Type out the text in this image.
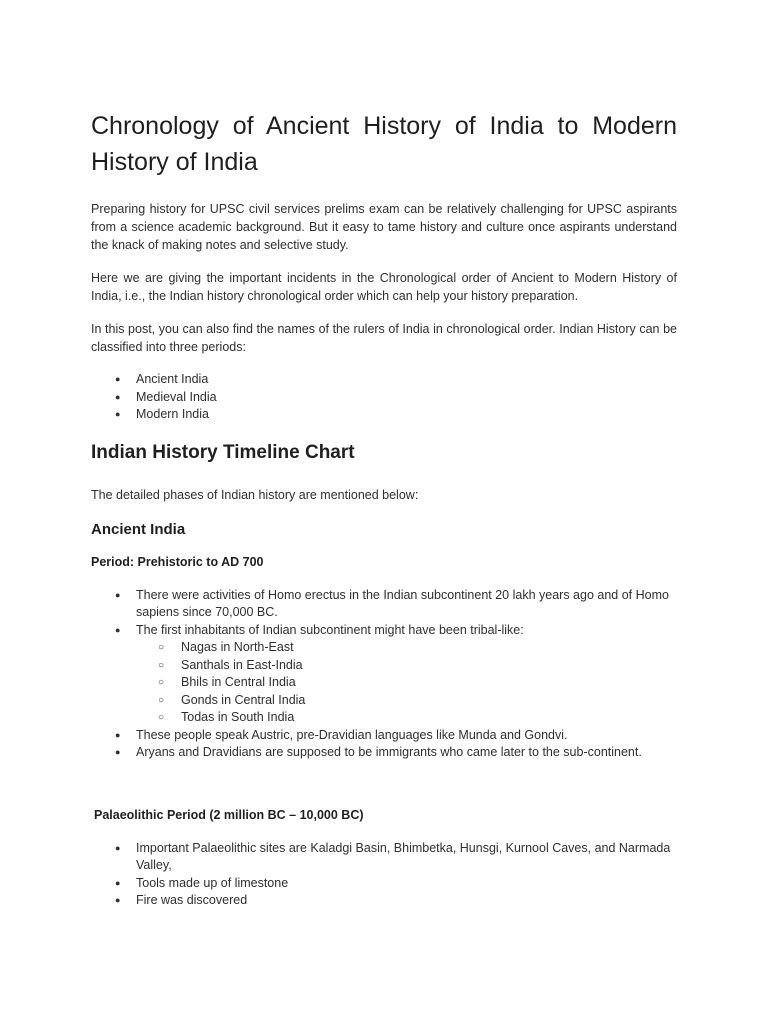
Chronology of Ancient History of India to Modern History of India

Preparing history for UPSC civil services prelims exam can be relatively challenging for UPSC aspirants from a science academic background. But it easy to tame history and culture once aspirants understand the knack of making notes and selective study.

Here we are giving the important incidents in the Chronological order of Ancient to Modern History of India, i.e., the Indian history chronological order which can help your history preparation.

In this post, you can also find the names of the rulers of India in chronological order. Indian History can be classified into three periods:

● Ancient India
● Medieval India
● Modern India
Indian History Timeline Chart

The detailed phases of Indian history are mentioned below:

Ancient India
Period: Prehistoric to AD 700
● There were activities of Homo erectus in the Indian subcontinent 20 lakh years ago and of Homo sapiens since 70,000 BC.
● The first inhabitants of Indian subcontinent might have been tribal-like:
○ Nagas in North-East
○ Santhals in East-India
○ Bhils in Central India
○ Gonds in Central India
○ Todas in South India
● These people speak Austric, pre-Dravidian languages like Munda and Gondvi.
● Aryans and Dravidians are supposed to be immigrants who came later to the sub-continent.
Palaeolithic Period (2 million BC – 10,000 BC)
● Important Palaeolithic sites are Kaladgi Basin, Bhimbetka, Hunsgi, Kurnool Caves, and Narmada Valley,
● Tools made up of limestone
● Fire was discovered
